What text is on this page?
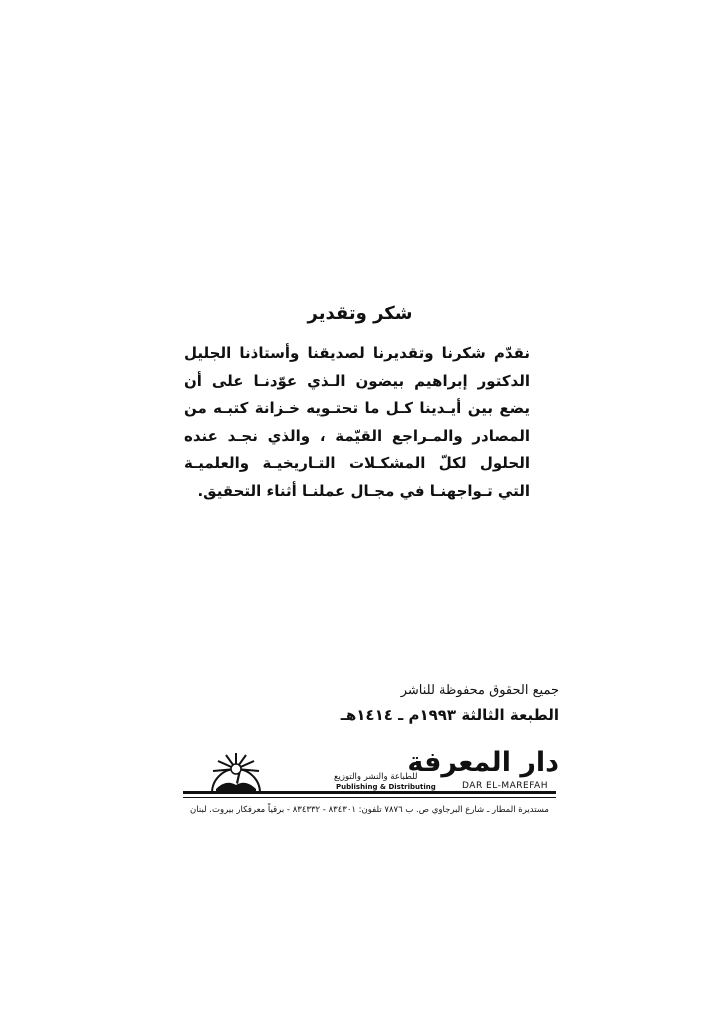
شكر وتقدير
نقدّم شكرنا وتقديرنا لصديقنا وأستاذنا الجليل الدكتور إبراهيم بيضون الـذي عوّدنـا على أن يضع بين أيـدينا كـل ما تحتـويه خـزانة كتبـه من المصادر والمـراجع القيّمة ، والذي نجـد عنده الحلول لكلّ المشكـلات التـاريخيـة والعلميـة التي تـواجهنـا في مجـال عملنـا أثناء التحقيق.
جميع الحقوق محفوظة للناشر
الطبعة الثالثة ١٩٩٣م ـ ١٤١٤هـ
دار المعرفة
DAR EL-MAREFAH
للطباعة والنشر والتوزيع
Publishing & Distributing
مستديرة المطار ـ شارع البرجاوي ص. ب ٧٨٧٦ تلفون: ٨٣٤٣٠١ - ٨٣٤٣٣٢ - برقياً معرفكار بيروت. لبنان
